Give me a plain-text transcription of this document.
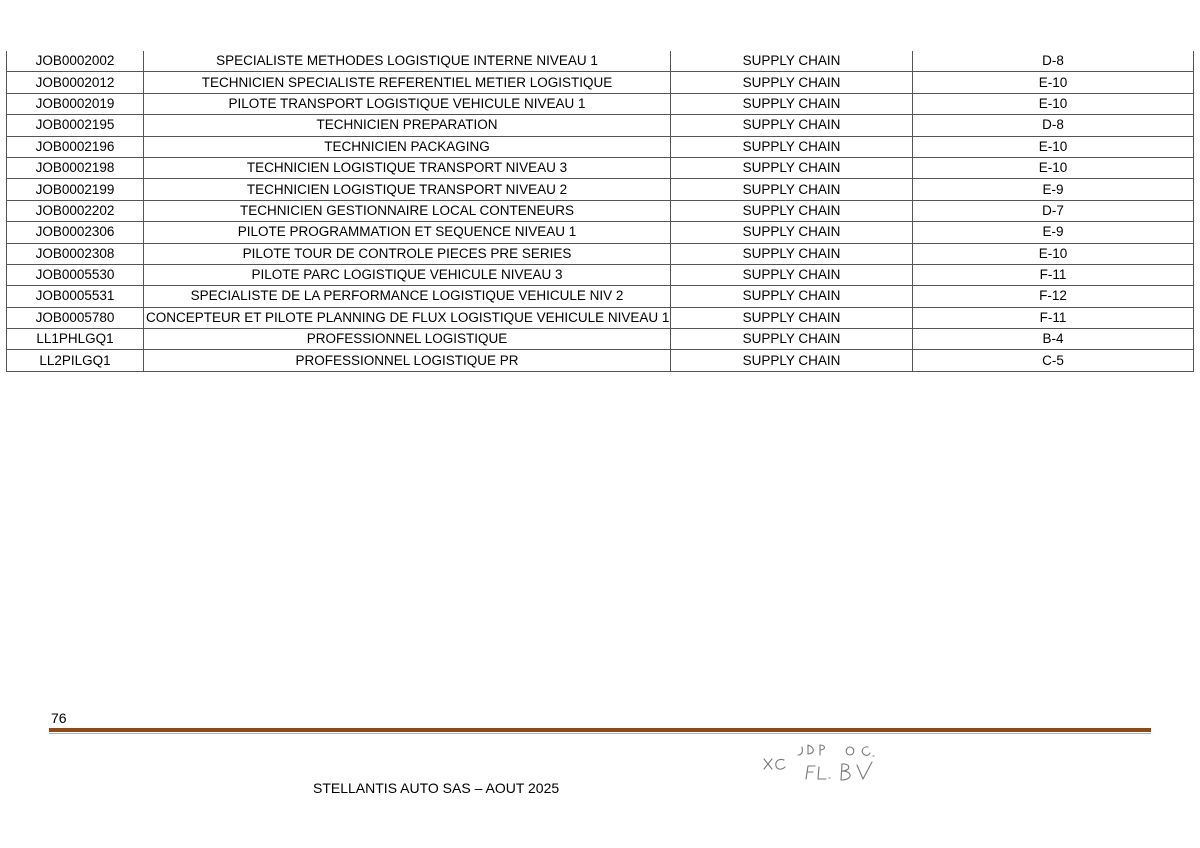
JOB0002002	SPECIALISTE METHODES LOGISTIQUE INTERNE NIVEAU 1	SUPPLY CHAIN	D-8
JOB0002012	TECHNICIEN SPECIALISTE REFERENTIEL METIER LOGISTIQUE	SUPPLY CHAIN	E-10
JOB0002019	PILOTE TRANSPORT LOGISTIQUE VEHICULE NIVEAU 1	SUPPLY CHAIN	E-10
JOB0002195	TECHNICIEN PREPARATION	SUPPLY CHAIN	D-8
JOB0002196	TECHNICIEN PACKAGING	SUPPLY CHAIN	E-10
JOB0002198	TECHNICIEN LOGISTIQUE TRANSPORT NIVEAU 3	SUPPLY CHAIN	E-10
JOB0002199	TECHNICIEN LOGISTIQUE TRANSPORT NIVEAU 2	SUPPLY CHAIN	E-9
JOB0002202	TECHNICIEN GESTIONNAIRE LOCAL CONTENEURS	SUPPLY CHAIN	D-7
JOB0002306	PILOTE PROGRAMMATION ET SEQUENCE NIVEAU 1	SUPPLY CHAIN	E-9
JOB0002308	PILOTE TOUR DE CONTROLE PIECES PRE SERIES	SUPPLY CHAIN	E-10
JOB0005530	PILOTE PARC LOGISTIQUE VEHICULE NIVEAU 3	SUPPLY CHAIN	F-11
JOB0005531	SPECIALISTE DE LA PERFORMANCE LOGISTIQUE VEHICULE NIV 2	SUPPLY CHAIN	F-12
JOB0005780	CONCEPTEUR ET PILOTE PLANNING DE FLUX LOGISTIQUE VEHICULE NIVEAU 1	SUPPLY CHAIN	F-11
LL1PHLGQ1	PROFESSIONNEL LOGISTIQUE	SUPPLY CHAIN	B-4
LL2PILGQ1	PROFESSIONNEL LOGISTIQUE PR	SUPPLY CHAIN	C-5
76
STELLANTIS AUTO SAS – AOUT 2025
